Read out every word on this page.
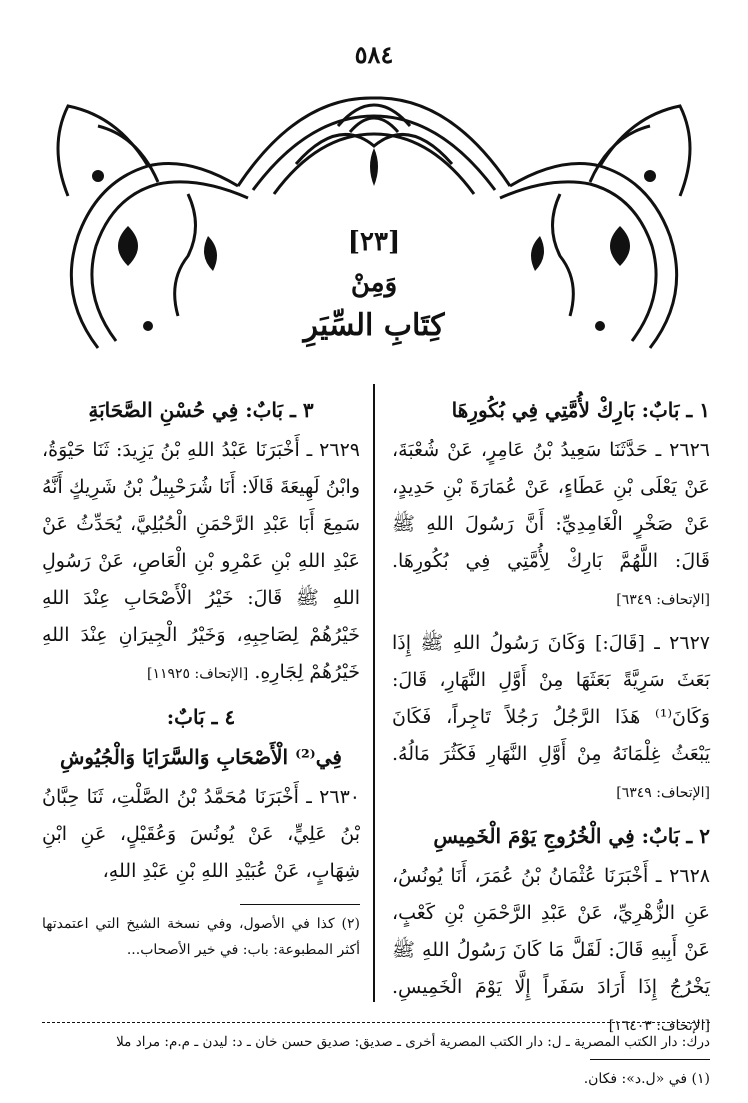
٥٨٤
[٢٣]
وَمِنْ
كِتَابِ السِّيَرِ
١ ـ بَابٌ: بَارِكْ لأُمَّتِي فِي بُكُورِهَا

٢٦٢٦ ـ حَدَّثَنَا سَعِيدُ بْنُ عَامِرٍ، عَنْ شُعْبَةَ، عَنْ يَعْلَى بْنِ عَطَاءٍ، عَنْ عُمَارَةَ بْنِ حَدِيدٍ، عَنْ صَخْرٍ الْغَامِدِيِّ: أَنَّ رَسُولَ اللهِ ﷺ قَالَ: اللَّهُمَّ بَارِكْ لِأُمَّتِي فِي بُكُورِهَا. [الإتحاف: ٦٣٤٩]

٢٦٢٧ ـ [قَالَ:] وَكَانَ رَسُولُ اللهِ ﷺ إِذَا بَعَثَ سَرِيَّةً بَعَثَهَا مِنْ أَوَّلِ النَّهَارِ، قَالَ: وَكَانَ⁽¹⁾ هَذَا الرَّجُلُ رَجُلاً تَاجِراً، فَكَانَ يَبْعَثُ غِلْمَانَهُ مِنْ أَوَّلِ النَّهَارِ فَكَثُرَ مَالُهُ. [الإتحاف: ٦٣٤٩]

٢ ـ بَابٌ: فِي الْخُرُوجِ يَوْمَ الْخَمِيسِ

٢٦٢٨ ـ أَخْبَرَنَا عُثْمَانُ بْنُ عُمَرَ، أَنَا يُونُسُ، عَنِ الزُّهْرِيِّ، عَنْ عَبْدِ الرَّحْمَنِ بْنِ كَعْبٍ، عَنْ أَبِيهِ قَالَ: لَقَلَّ مَا كَانَ رَسُولُ اللهِ ﷺ يَخْرُجُ إِذَا أَرَادَ سَفَراً إِلَّا يَوْمَ الْخَمِيسِ. [الإتحاف: ١٦٤٠٣]

(١) في «ل.د»: فكان.

٣ ـ بَابٌ: فِي حُسْنِ الصَّحَابَةِ

٢٦٢٩ ـ أَخْبَرَنَا عَبْدُ اللهِ بْنُ يَزِيدَ: ثَنَا حَيْوَةُ، وابْنُ لَهِيعَةَ قَالَا: أَنَا شُرَحْبِيلُ بْنُ شَرِيكٍ أَنَّهُ سَمِعَ أَبَا عَبْدِ الرَّحْمَنِ الْحُبُلِيَّ، يُحَدِّثُ عَنْ عَبْدِ اللهِ بْنِ عَمْرِو بْنِ الْعَاصِ، عَنْ رَسُولِ اللهِ ﷺ قَالَ: خَيْرُ الْأَصْحَابِ عِنْدَ اللهِ خَيْرُهُمْ لِصَاحِبِهِ، وَخَيْرُ الْجِيرَانِ عِنْدَ اللهِ خَيْرُهُمْ لِجَارِهِ. [الإتحاف: ١١٩٢٥]

٤ ـ بَابٌ:
فِي⁽²⁾ الْأَصْحَابِ وَالسَّرَايَا وَالْجُيُوشِ

٢٦٣٠ ـ أَخْبَرَنَا مُحَمَّدُ بْنُ الصَّلْتِ، ثَنَا حِبَّانُ بْنُ عَلِيٍّ، عَنْ يُونُسَ وَعُقَيْلٍ، عَنِ ابْنِ شِهَابٍ، عَنْ عُبَيْدِ اللهِ بْنِ عَبْدِ اللهِ،

(٢) كذا في الأصول، وفي نسخة الشيخ التي اعتمدتها أكثر المطبوعة: باب: في خير الأصحاب...

درك: دار الكتب المصرية ـ ل: دار الكتب المصرية أخرى ـ صديق: صديق حسن خان ـ د: ليدن ـ م.م: مراد ملا
